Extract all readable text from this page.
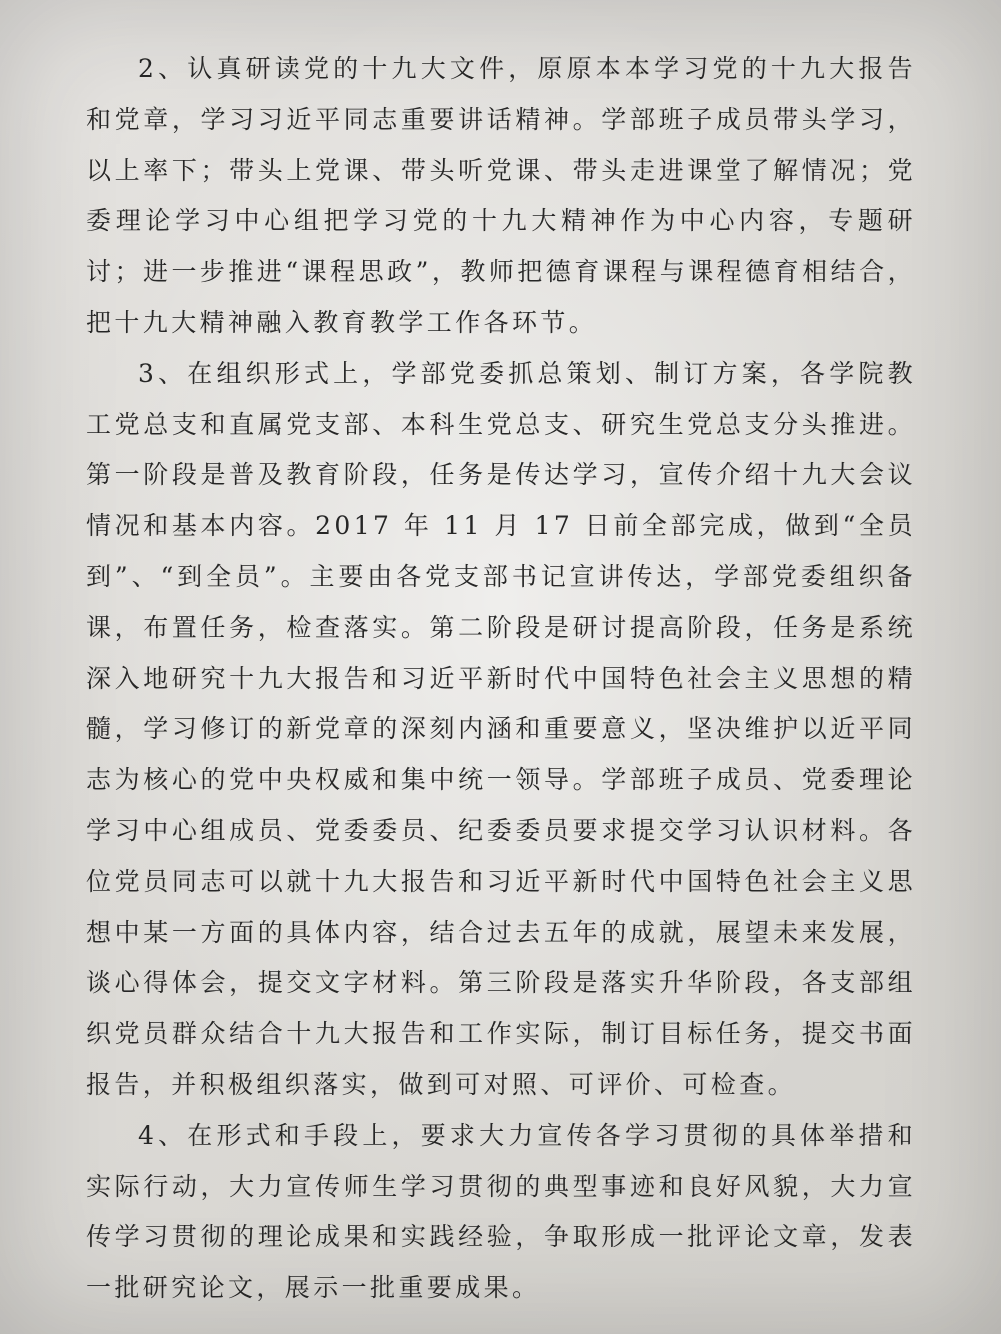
2、认真研读党的十九大文件，原原本本学习党的十九大报告和党章，学习习近平同志重要讲话精神。学部班子成员带头学习，以上率下；带头上党课、带头听党课、带头走进课堂了解情况；党委理论学习中心组把学习党的十九大精神作为中心内容，专题研讨；进一步推进“课程思政”，教师把德育课程与课程德育相结合，把十九大精神融入教育教学工作各环节。

3、在组织形式上，学部党委抓总策划、制订方案，各学院教工党总支和直属党支部、本科生党总支、研究生党总支分头推进。第一阶段是普及教育阶段，任务是传达学习，宣传介绍十九大会议情况和基本内容。2017 年 11 月 17 日前全部完成，做到“全员到”、“到全员”。主要由各党支部书记宣讲传达，学部党委组织备课，布置任务，检查落实。第二阶段是研讨提高阶段，任务是系统深入地研究十九大报告和习近平新时代中国特色社会主义思想的精髓，学习修订的新党章的深刻内涵和重要意义，坚决维护以近平同志为核心的党中央权威和集中统一领导。学部班子成员、党委理论学习中心组成员、党委委员、纪委委员要求提交学习认识材料。各位党员同志可以就十九大报告和习近平新时代中国特色社会主义思想中某一方面的具体内容，结合过去五年的成就，展望未来发展，谈心得体会，提交文字材料。第三阶段是落实升华阶段，各支部组织党员群众结合十九大报告和工作实际，制订目标任务，提交书面报告，并积极组织落实，做到可对照、可评价、可检查。

4、在形式和手段上，要求大力宣传各学习贯彻的具体举措和实际行动，大力宣传师生学习贯彻的典型事迹和良好风貌，大力宣传学习贯彻的理论成果和实践经验，争取形成一批评论文章，发表一批研究论文，展示一批重要成果。
